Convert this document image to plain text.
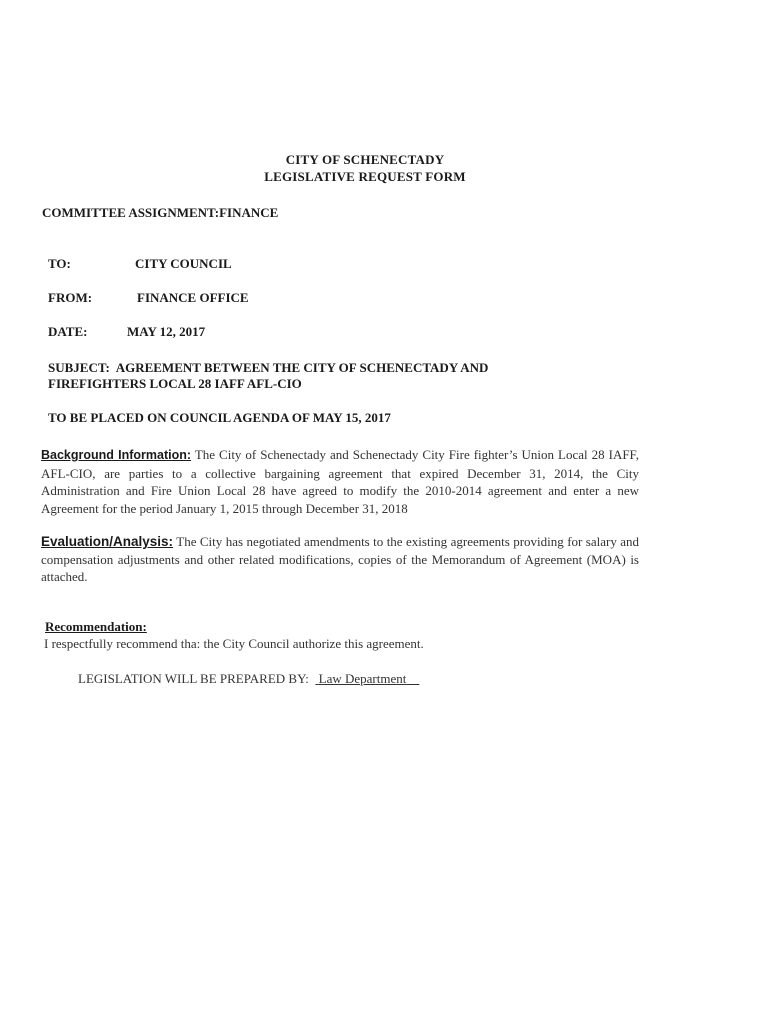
CITY OF SCHENECTADY
LEGISLATIVE REQUEST FORM
COMMITTEE ASSIGNMENT:FINANCE
TO:	CITY COUNCIL
FROM:	FINANCE OFFICE
DATE:	MAY 12, 2017
SUBJECT: AGREEMENT BETWEEN THE CITY OF SCHENECTADY AND
FIREFIGHTERS LOCAL 28 IAFF AFL-CIO
TO BE PLACED ON COUNCIL AGENDA OF MAY 15, 2017
Background Information: The City of Schenectady and Schenectady City Fire fighter’s Union Local 28 IAFF, AFL-CIO, are parties to a collective bargaining agreement that expired December 31, 2014, the City Administration and Fire Union Local 28 have agreed to modify the 2010-2014 agreement and enter a new Agreement for the period January 1, 2015 through December 31, 2018
Evaluation/Analysis: The City has negotiated amendments to the existing agreements providing for salary and compensation adjustments and other related modifications, copies of the Memorandum of Agreement (MOA) is attached.
Recommendation:
I respectfully recommend tha: the City Council authorize this agreement.
LEGISLATION WILL BE PREPARED BY: Law Department
